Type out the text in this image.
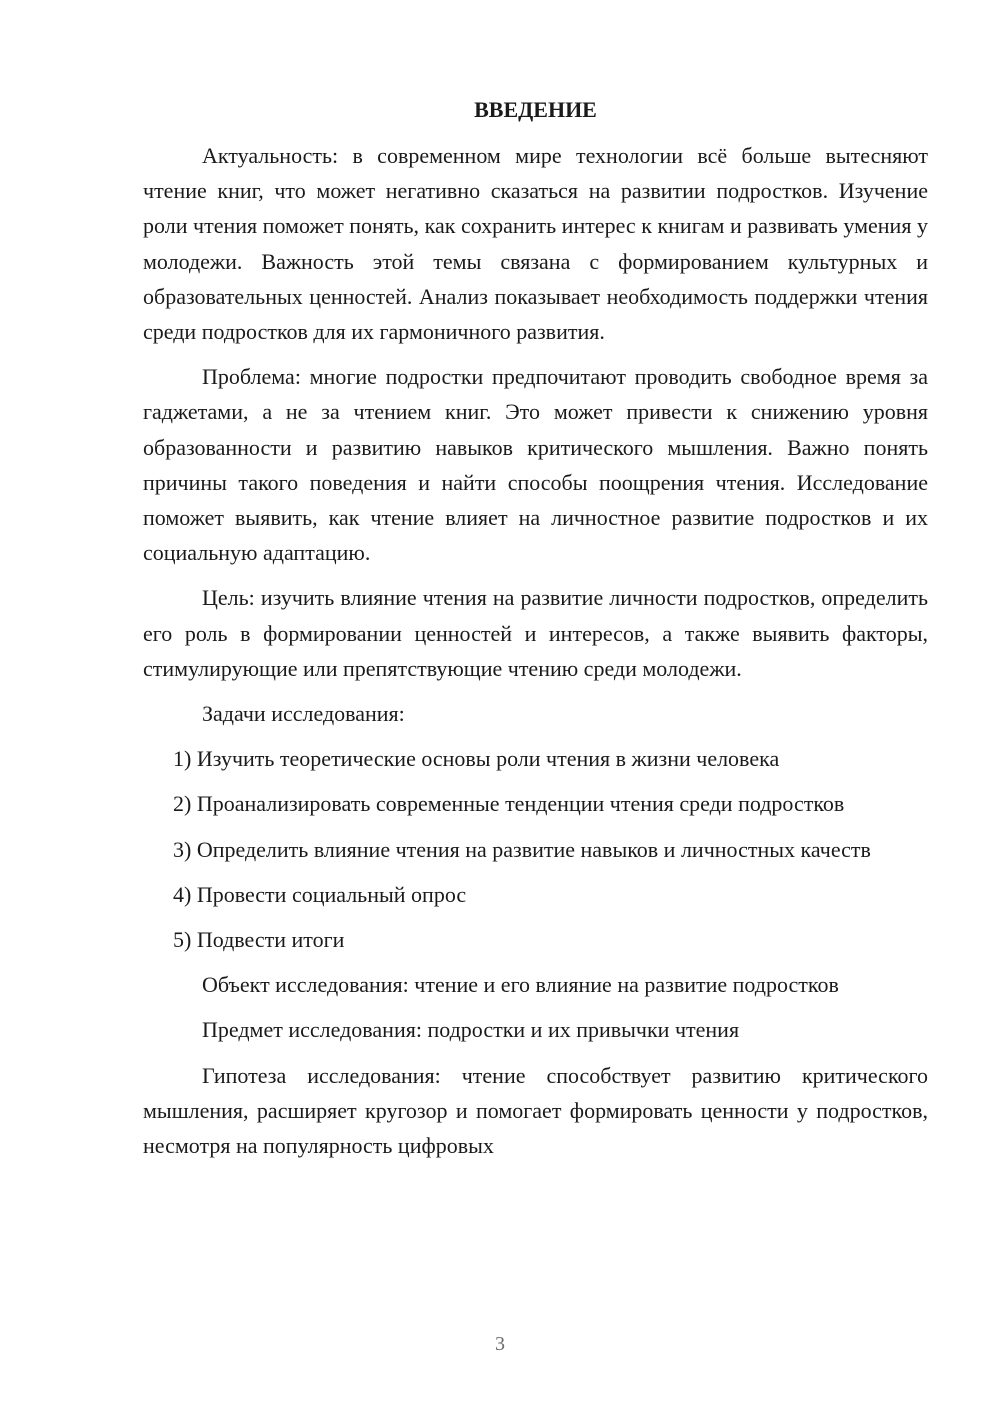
ВВЕДЕНИЕ

Актуальность: в современном мире технологии всё больше вытесняют чтение книг, что может негативно сказаться на развитии подростков. Изучение роли чтения поможет понять, как сохранить интерес к книгам и развивать умения у молодежи. Важность этой темы связана с формированием культурных и образовательных ценностей. Анализ показывает необходимость поддержки чтения среди подростков для их гармоничного развития.

Проблема: многие подростки предпочитают проводить свободное время за гаджетами, а не за чтением книг. Это может привести к снижению уровня образованности и развитию навыков критического мышления. Важно понять причины такого поведения и найти способы поощрения чтения. Исследование поможет выявить, как чтение влияет на личностное развитие подростков и их социальную адаптацию.

Цель: изучить влияние чтения на развитие личности подростков, определить его роль в формировании ценностей и интересов, а также выявить факторы, стимулирующие или препятствующие чтению среди молодежи.

Задачи исследования:

1) Изучить теоретические основы роли чтения в жизни человека

2) Проанализировать современные тенденции чтения среди подростков

3) Определить влияние чтения на развитие навыков и личностных качеств

4) Провести социальный опрос

5) Подвести итоги

Объект исследования: чтение и его влияние на развитие подростков

Предмет исследования: подростки и их привычки чтения

Гипотеза исследования: чтение способствует развитию критического мышления, расширяет кругозор и помогает формировать ценности у подростков, несмотря на популярность цифровых

3
